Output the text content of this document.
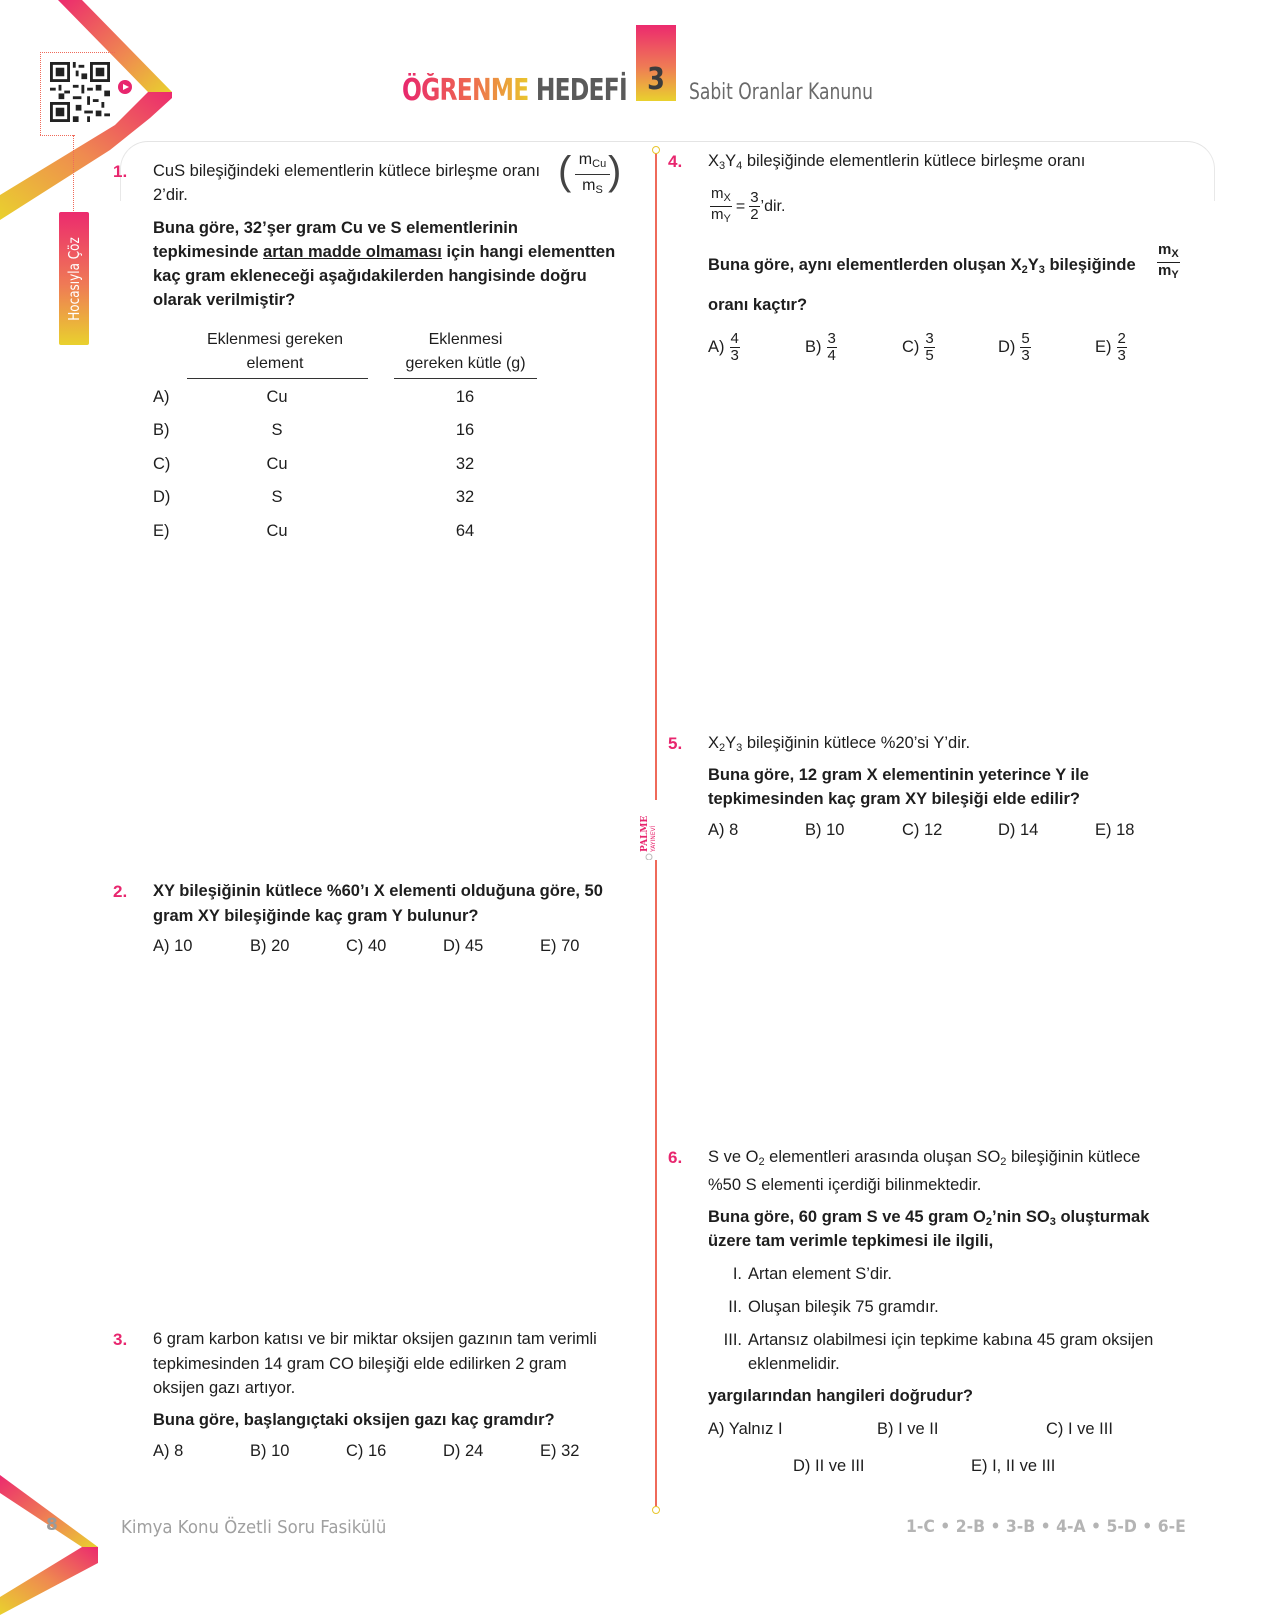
Hocasıyla Çöz
ÖĞRENME HEDEFİ 3	Sabit Oranlar Kanunu
PALME YAYINEVİ
1. CuS bileşiğindeki elementlerin kütlece birleşme oranı ( $m_{Cu}$
$m_S$ )
2’dir.
Buna göre, 32’şer gram Cu ve S elementlerinin
tepkimesinde artan madde olmaması için hangi elementten
kaç gram ekleneceği aşağıdakilerden hangisinde doğru
olarak verilmiştir?
Eklenmesi gereken
element
Eklenmesi
gereken kütle (g)
A)	Cu	16
B)	S	16
C)	Cu	32
D)	S	32
E)	Cu	64
2. XY bileşiğinin kütlece %60’ı X elementi olduğuna göre, 50
gram XY bileşiğinde kaç gram Y bulunur?
A) 10	B) 20	C) 40	D) 45	E) 70
3. 6 gram karbon katısı ve bir miktar oksijen gazının tam verimli
tepkimesinden 14 gram CO bileşiği elde edilirken 2 gram
oksijen gazı artıyor.
Buna göre, başlangıçtaki oksijen gazı kaç gramdır?
A) 8	B) 10	C) 16	D) 24	E) 32
4. $X_3Y_4$ bileşiğinde elementlerin kütlece birleşme oranı
$\frac{m_X}{m_Y} = \frac{3}{2}$ ’dir.
Buna göre, aynı elementlerden oluşan $X_2Y_3$ bileşiğinde $\frac{m_X}{m_Y}$
oranı kaçtır?
$A) \frac{4}{3}$	$B) \frac{3}{4}$	$C) \frac{3}{5}$	$D) \frac{5}{3}$	$E) \frac{2}{3}$
5. $X_2Y_3$ bileşiğinin kütlece %20’si Y’dir.
Buna göre, 12 gram X elementinin yeterince Y ile
tepkimesinden kaç gram XY bileşiği elde edilir?
A) 8	B) 10	C) 12	D) 14	E) 18
6. S ve $O_2$ elementleri arasında oluşan $SO_2$ bileşiğinin kütlece
%50 S elementi içerdiği bilinmektedir.
Buna göre, 60 gram S ve 45 gram $O_2’nin$ $SO_3$ oluşturmak
üzere tam verimle tepkimesi ile ilgili,
I. Artan element S’dir.
II. Oluşan bileşik 75 gramdır.
III. Artansız olabilmesi için tepkime kabına 45 gram oksijen
eklenmelidir.
yargılarından hangileri doğrudur?
A) Yalnız I	B) I ve II	C) I ve III
D) II ve III	E) I, II ve III
8	Kimya Konu Özetli Soru Fasikülü	1-C • 2-B • 3-B • 4-A • 5-D • 6-E
